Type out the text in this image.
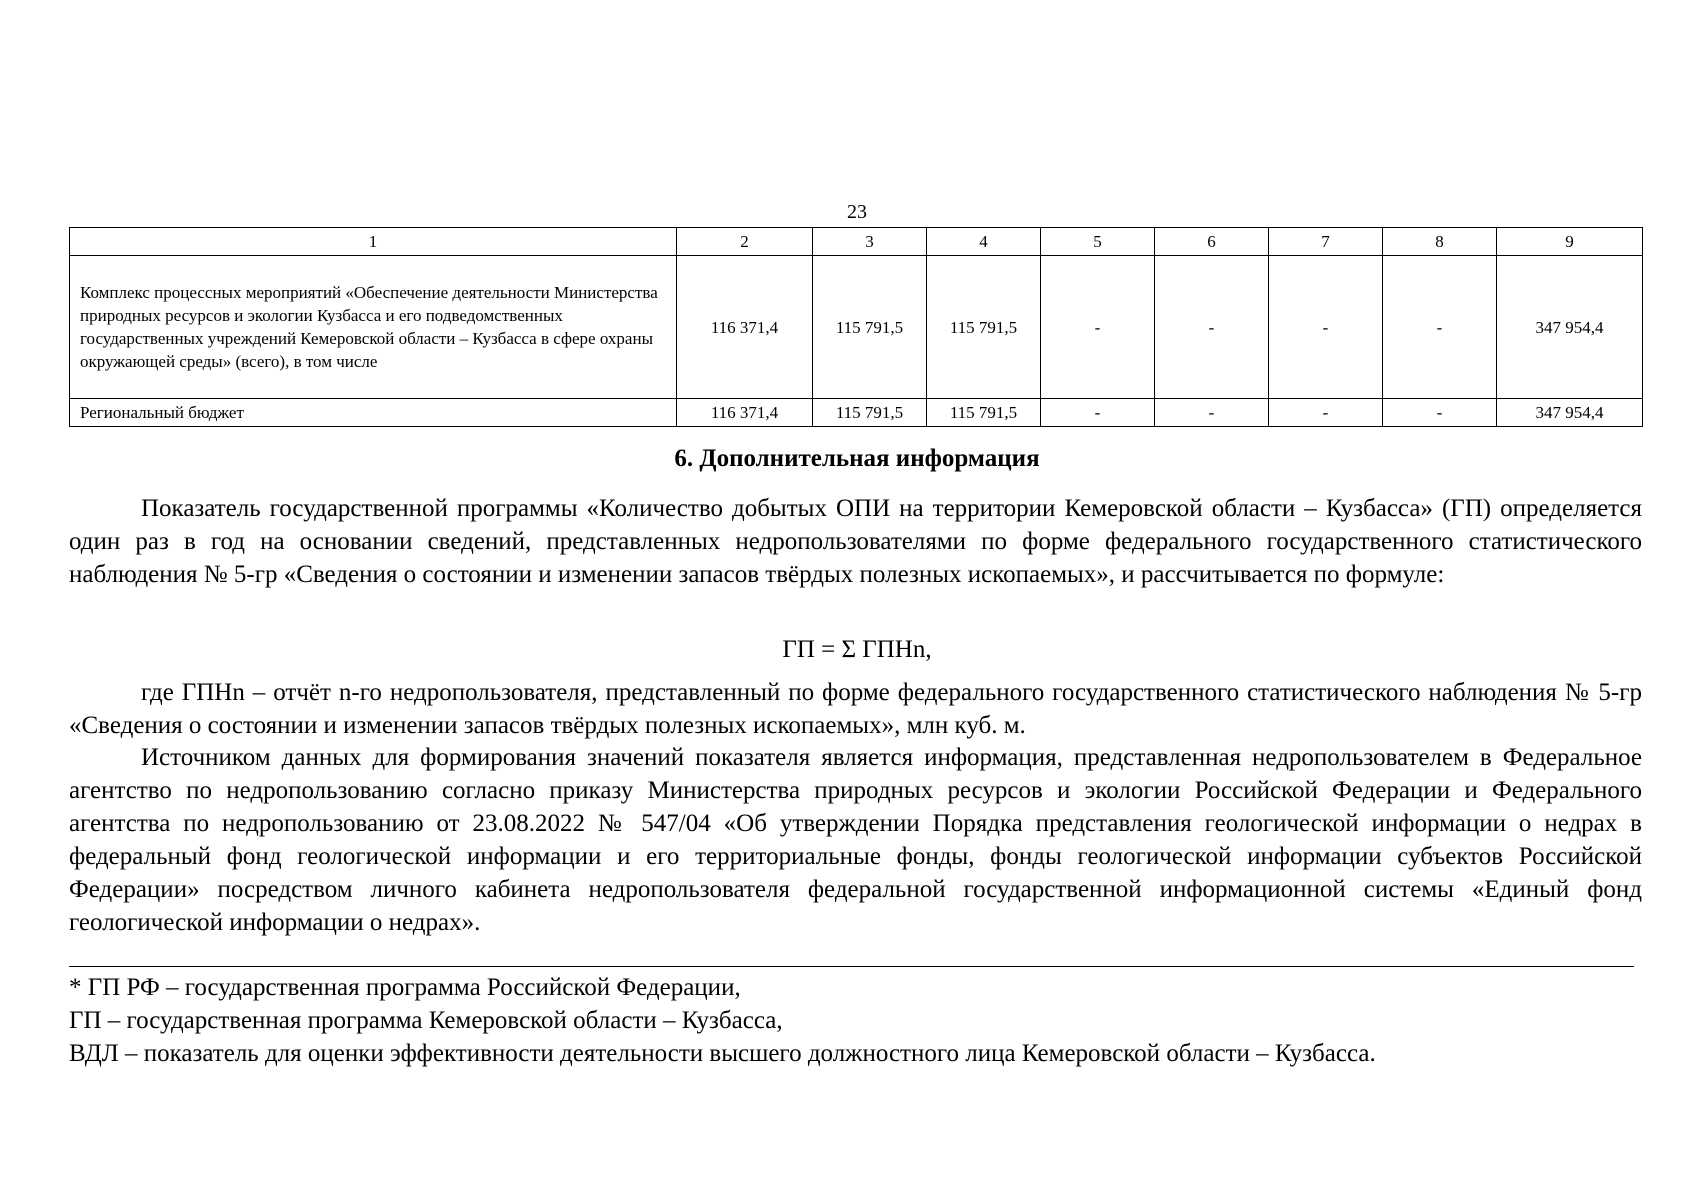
23
1	2	3	4	5	6	7	8	9
Комплекс процессных мероприятий «Обеспечение деятельности Министерства природных ресурсов и экологии Кузбасса и его подведомственных государственных учреждений Кемеровской области – Кузбасса в сфере охраны окружающей среды» (всего), в том числе	116 371,4	115 791,5	115 791,5	-	-	-	-	347 954,4
Региональный бюджет	116 371,4	115 791,5	115 791,5	-	-	-	-	347 954,4
6. Дополнительная информация
Показатель государственной программы «Количество добытых ОПИ на территории Кемеровской области – Кузбасса» (ГП) определяется один раз в год на основании сведений, представленных недропользователями по форме федерального государственного статистического наблюдения № 5-гр «Сведения о состоянии и изменении запасов твёрдых полезных ископаемых», и рассчитывается по формуле:
ГП = Σ ГПНn,
где ГПНn – отчёт n-го недропользователя, представленный по форме федерального государственного статистического наблюдения № 5-гр «Сведения о состоянии и изменении запасов твёрдых полезных ископаемых», млн куб. м.
Источником данных для формирования значений показателя является информация, представленная недропользователем в Федеральное агентство по недропользованию согласно приказу Министерства природных ресурсов и экологии Российской Федерации и Федерального агентства по недропользованию от 23.08.2022 № 547/04 «Об утверждении Порядка представления геологической информации о недрах в федеральный фонд геологической информации и его территориальные фонды, фонды геологической информации субъектов Российской Федерации» посредством личного кабинета недропользователя федеральной государственной информационной системы «Единый фонд геологической информации о недрах».
* ГП РФ – государственная программа Российской Федерации,
ГП – государственная программа Кемеровской области – Кузбасса,
ВДЛ – показатель для оценки эффективности деятельности высшего должностного лица Кемеровской области – Кузбасса.
